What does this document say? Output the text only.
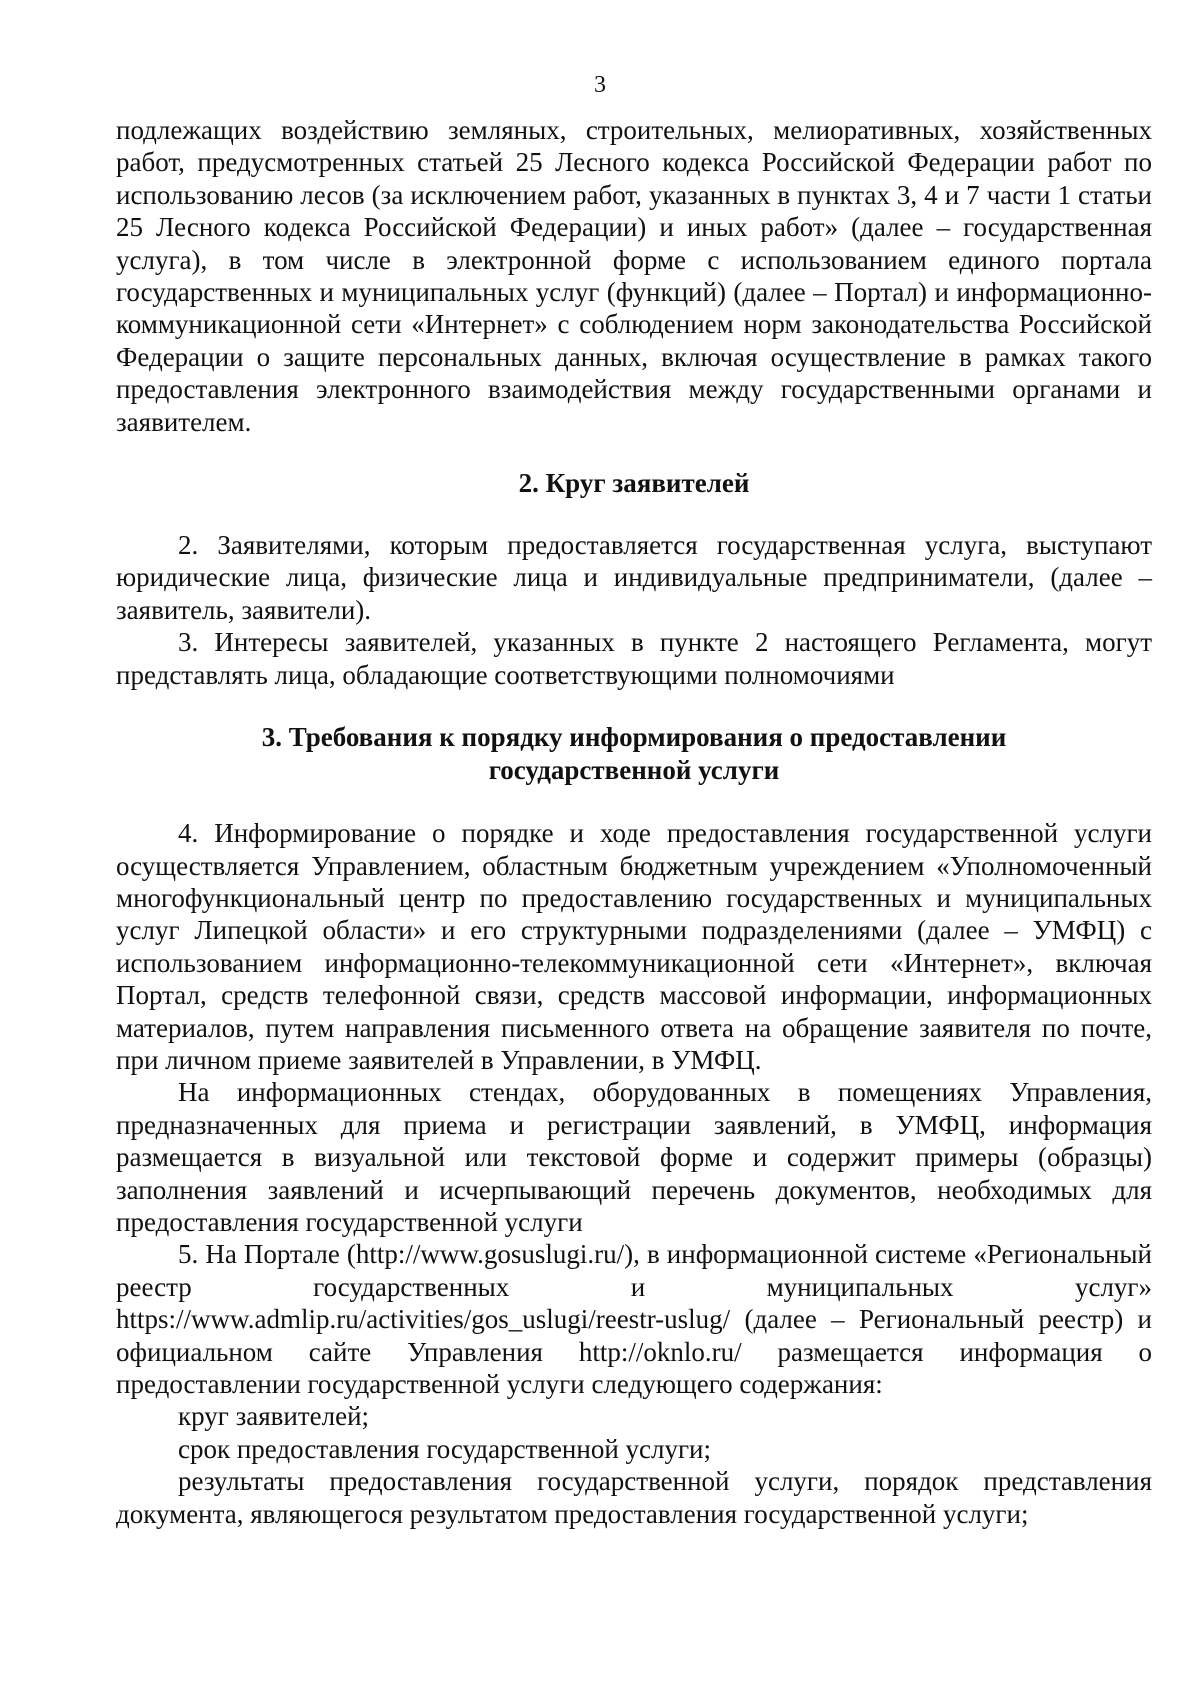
3

подлежащих воздействию земляных, строительных, мелиоративных, хозяйственных работ, предусмотренных статьей 25 Лесного кодекса Российской Федерации работ по использованию лесов (за исключением работ, указанных в пунктах 3, 4 и 7 части 1 статьи 25 Лесного кодекса Российской Федерации) и иных работ» (далее – государственная услуга), в том числе в электронной форме с использованием единого портала государственных и муниципальных услуг (функций) (далее – Портал) и информационно-коммуникационной сети «Интернет» с соблюдением норм законодательства Российской Федерации о защите персональных данных, включая осуществление в рамках такого предоставления электронного взаимодействия между государственными органами и заявителем.

2. Круг заявителей

2. Заявителями, которым предоставляется государственная услуга, выступают юридические лица, физические лица и индивидуальные предприниматели, (далее – заявитель, заявители).

3. Интересы заявителей, указанных в пункте 2 настоящего Регламента, могут представлять лица, обладающие соответствующими полномочиями

3. Требования к порядку информирования о предоставлении
государственной услуги

4. Информирование о порядке и ходе предоставления государственной услуги осуществляется Управлением, областным бюджетным учреждением «Уполномоченный многофункциональный центр по предоставлению государственных и муниципальных услуг Липецкой области» и его структурными подразделениями (далее – УМФЦ) с использованием информационно-телекоммуникационной сети «Интернет», включая Портал, средств телефонной связи, средств массовой информации, информационных материалов, путем направления письменного ответа на обращение заявителя по почте, при личном приеме заявителей в Управлении, в УМФЦ.

На информационных стендах, оборудованных в помещениях Управления, предназначенных для приема и регистрации заявлений, в УМФЦ, информация размещается в визуальной или текстовой форме и содержит примеры (образцы) заполнения заявлений и исчерпывающий перечень документов, необходимых для предоставления государственной услуги

5. На Портале (http://www.gosuslugi.ru/), в информационной системе «Региональный реестр государственных и муниципальных услуг» https://www.admlip.ru/activities/gos_uslugi/reestr-uslug/ (далее – Региональный реестр) и официальном сайте Управления http://oknlo.ru/ размещается информация о предоставлении государственной услуги следующего содержания:

круг заявителей;

срок предоставления государственной услуги;

результаты предоставления государственной услуги, порядок представления документа, являющегося результатом предоставления государственной услуги;
